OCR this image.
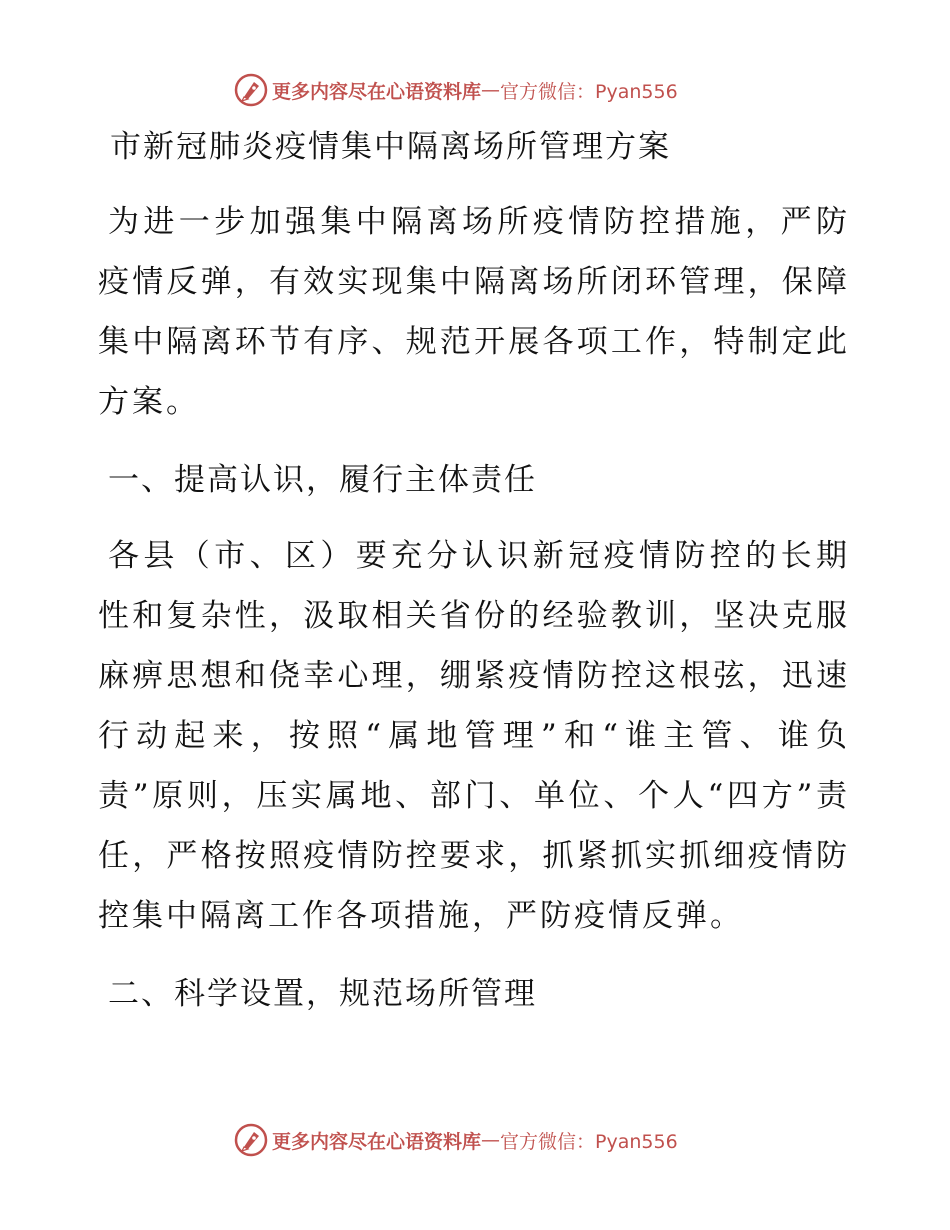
更多内容尽在心语资料库 — 官方微信：Pyan556
市新冠肺炎疫情集中隔离场所管理方案

为进一步加强集中隔离场所疫情防控措施，严防疫情反弹，有效实现集中隔离场所闭环管理，保障集中隔离环节有序、规范开展各项工作，特制定此方案。

一、提高认识，履行主体责任

各县（市、区）要充分认识新冠疫情防控的长期性和复杂性，汲取相关省份的经验教训，坚决克服麻痹思想和侥幸心理，绷紧疫情防控这根弦，迅速行动起来，按照“属地管理”和“谁主管、谁负责”原则，压实属地、部门、单位、个人“四方”责任，严格按照疫情防控要求，抓紧抓实抓细疫情防控集中隔离工作各项措施，严防疫情反弹。

二、科学设置，规范场所管理
更多内容尽在心语资料库 — 官方微信：Pyan556
